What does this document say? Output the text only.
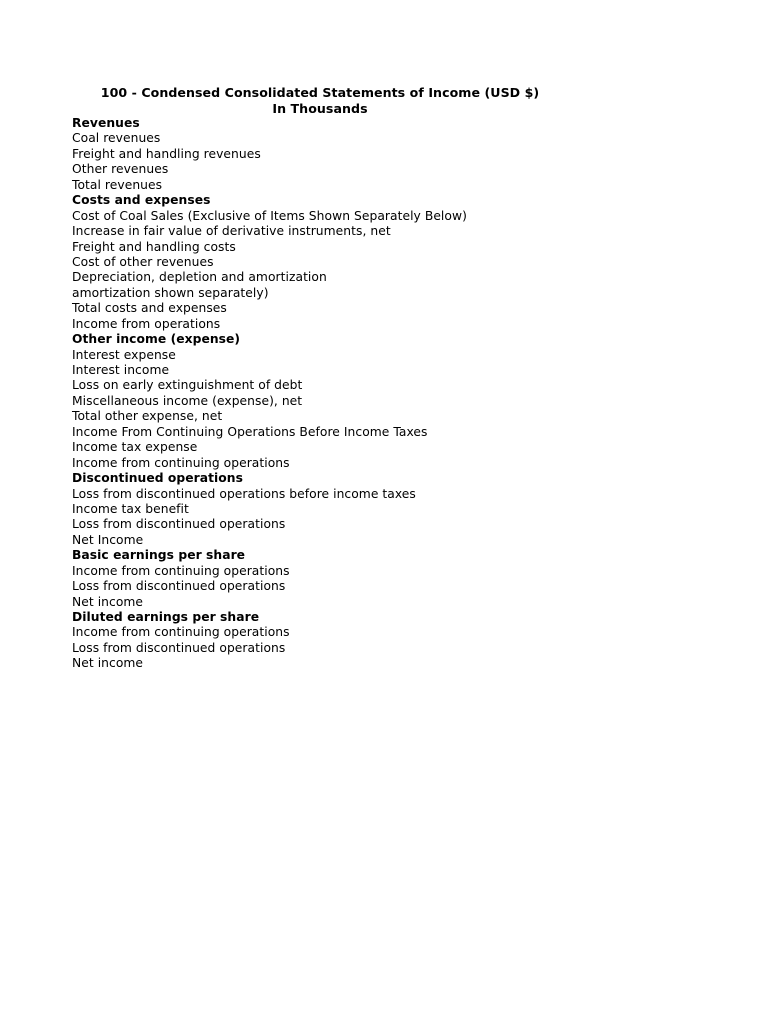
100 - Condensed Consolidated Statements of Income (USD $)
In Thousands
Revenues
Coal revenues
Freight and handling revenues
Other revenues
Total revenues
Costs and expenses
Cost of Coal Sales (Exclusive of Items Shown Separately Below)
Increase in fair value of derivative instruments, net
Freight and handling costs
Cost of other revenues
Depreciation, depletion and amortization
amortization shown separately)
Total costs and expenses
Income from operations
Other income (expense)
Interest expense
Interest income
Loss on early extinguishment of debt
Miscellaneous income (expense), net
Total other expense, net
Income From Continuing Operations Before Income Taxes
Income tax expense
Income from continuing operations
Discontinued operations
Loss from discontinued operations before income taxes
Income tax benefit
Loss from discontinued operations
Net Income
Basic earnings per share
Income from continuing operations
Loss from discontinued operations
Net income
Diluted earnings per share
Income from continuing operations
Loss from discontinued operations
Net income
